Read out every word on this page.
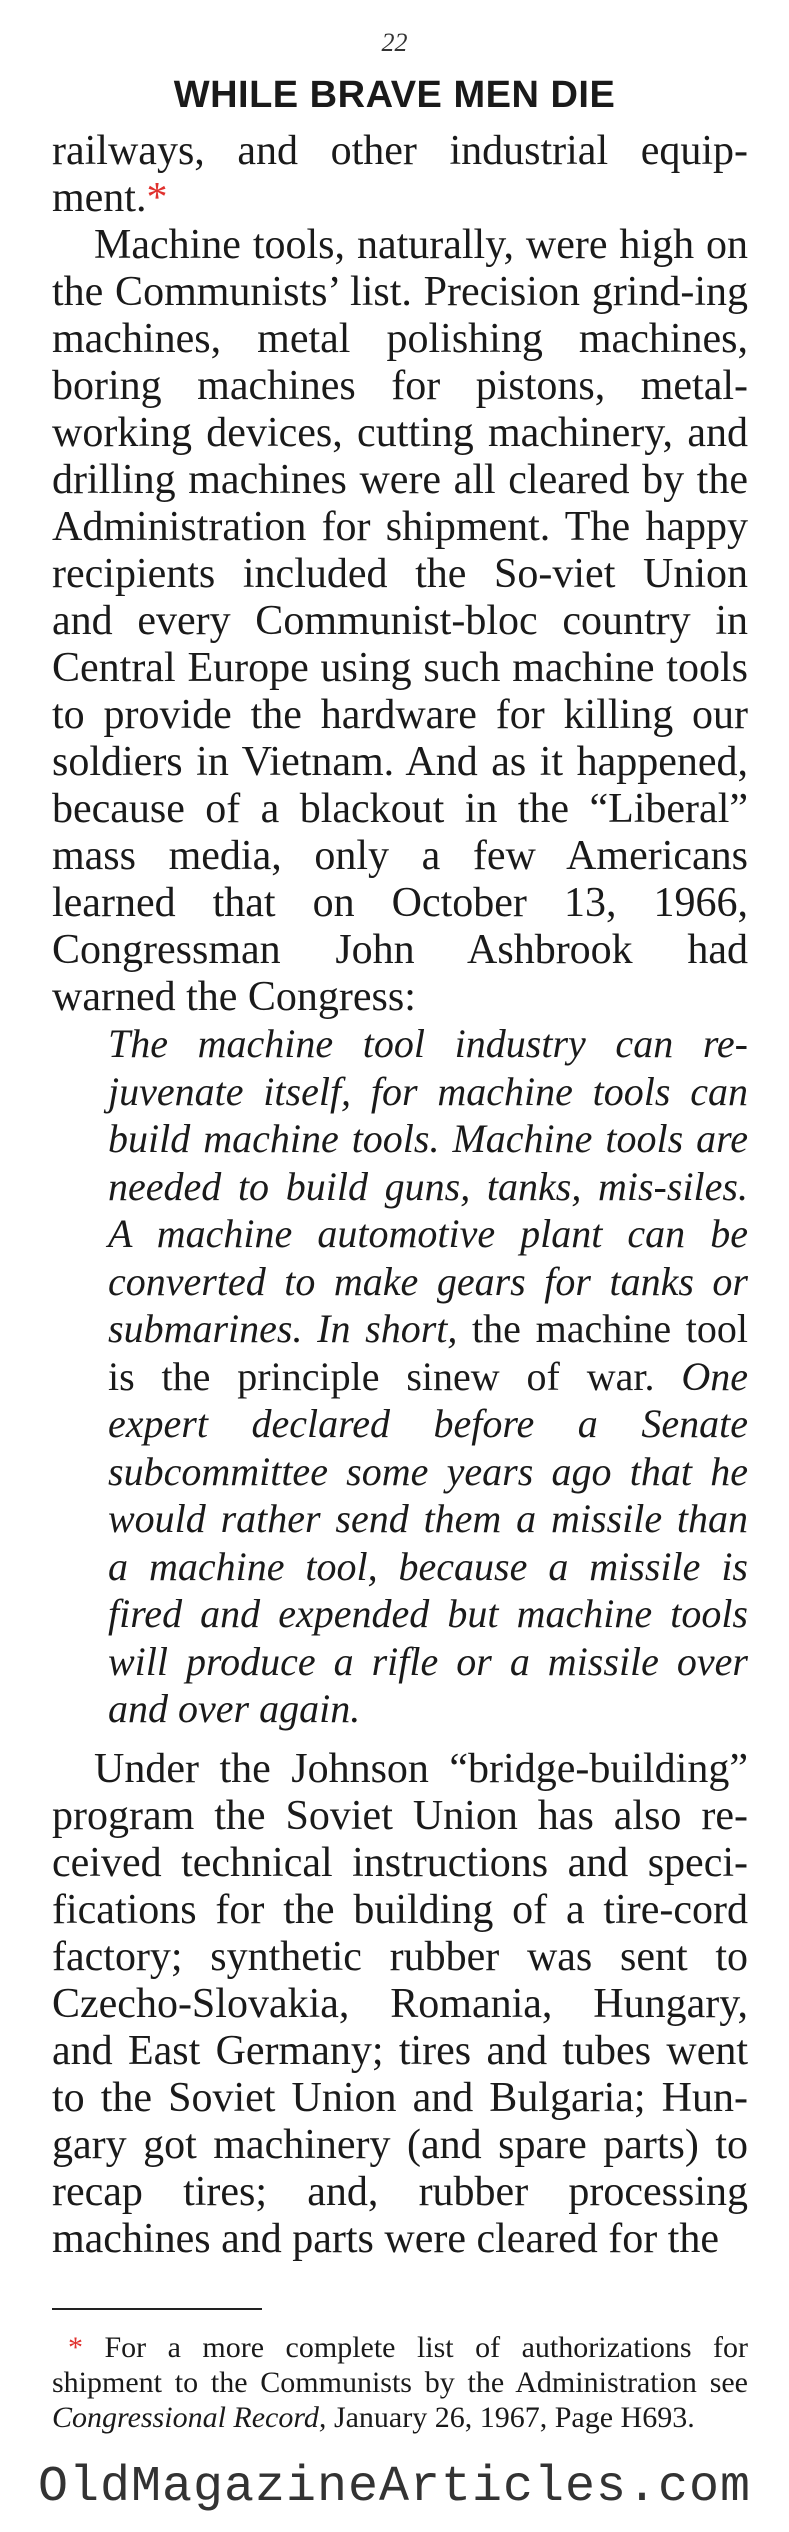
22
WHILE BRAVE MEN DIE

railways, and other industrial equip-ment.*

Machine tools, naturally, were high on the Communists’ list. Precision grind-ing machines, metal polishing machines, boring machines for pistons, metal-working devices, cutting machinery, and drilling machines were all cleared by the Administration for shipment. The happy recipients included the So-viet Union and every Communist-bloc country in Central Europe using such machine tools to provide the hardware for killing our soldiers in Vietnam. And as it happened, because of a blackout in the “Liberal” mass media, only a few Americans learned that on October 13, 1966, Congressman John Ashbrook had warned the Congress:

The machine tool industry can re-juvenate itself, for machine tools can build machine tools. Machine tools are needed to build guns, tanks, mis-siles. A machine automotive plant can be converted to make gears for tanks or submarines. In short, the machine tool is the principle sinew of war. One expert declared before a Senate subcommittee some years ago that he would rather send them a missile than a machine tool, because a missile is fired and expended but machine tools will produce a rifle or a missile over and over again.

Under the Johnson “bridge-building” program the Soviet Union has also re-ceived technical instructions and speci-fications for the building of a tire-cord factory; synthetic rubber was sent to Czecho-Slovakia, Romania, Hungary, and East Germany; tires and tubes went to the Soviet Union and Bulgaria; Hun-gary got machinery (and spare parts) to recap tires; and, rubber processing machines and parts were cleared for the

* For a more complete list of authorizations for shipment to the Communists by the Administration see Congressional Record, January 26, 1967, Page H693.

OldMagazineArticles.com
